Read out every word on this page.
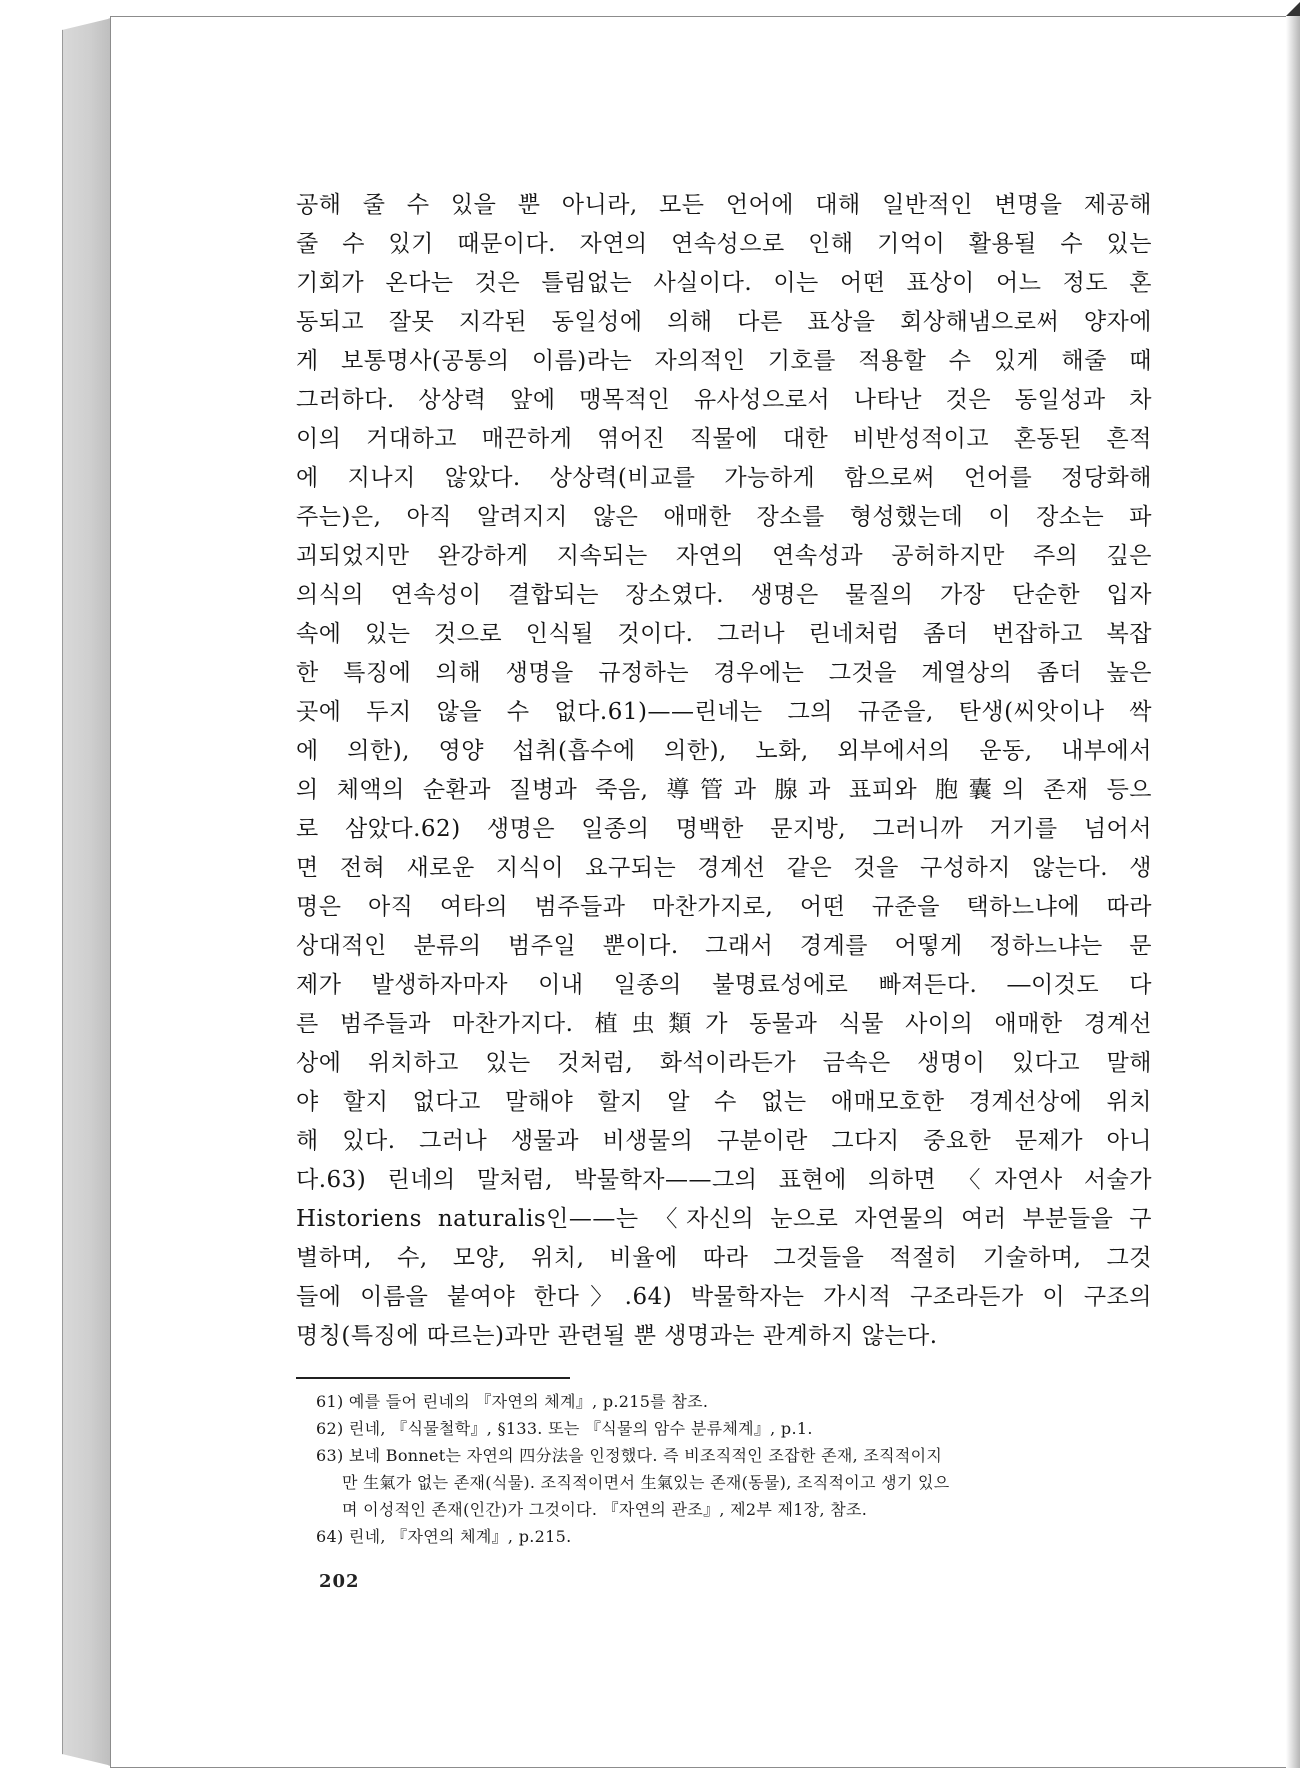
공해 줄 수 있을 뿐 아니라, 모든 언어에 대해 일반적인 변명을 제공해
줄 수 있기 때문이다. 자연의 연속성으로 인해 기억이 활용될 수 있는
기회가 온다는 것은 틀림없는 사실이다. 이는 어떤 표상이 어느 정도 혼
동되고 잘못 지각된 동일성에 의해 다른 표상을 회상해냄으로써 양자에
게 보통명사(공통의 이름)라는 자의적인 기호를 적용할 수 있게 해줄 때
그러하다. 상상력 앞에 맹목적인 유사성으로서 나타난 것은 동일성과 차
이의 거대하고 매끈하게 엮어진 직물에 대한 비반성적이고 혼동된 흔적
에 지나지 않았다. 상상력(비교를 가능하게 함으로써 언어를 정당화해
주는)은, 아직 알려지지 않은 애매한 장소를 형성했는데 이 장소는 파
괴되었지만 완강하게 지속되는 자연의 연속성과 공허하지만 주의 깊은
의식의 연속성이 결합되는 장소였다. 생명은 물질의 가장 단순한 입자
속에 있는 것으로 인식될 것이다. 그러나 린네처럼 좀더 번잡하고 복잡
한 특징에 의해 생명을 규정하는 경우에는 그것을 계열상의 좀더 높은
곳에 두지 않을 수 없다.61)——린네는 그의 규준을, 탄생(씨앗이나 싹
에 의한), 영양 섭취(흡수에 의한), 노화, 외부에서의 운동, 내부에서
의 체액의 순환과 질병과 죽음, 導管과 腺과 표피와 胞囊의 존재 등으
로 삼았다.62) 생명은 일종의 명백한 문지방, 그러니까 거기를 넘어서
면 전혀 새로운 지식이 요구되는 경계선 같은 것을 구성하지 않는다. 생
명은 아직 여타의 범주들과 마찬가지로, 어떤 규준을 택하느냐에 따라
상대적인 분류의 범주일 뿐이다. 그래서 경계를 어떻게 정하느냐는 문
제가 발생하자마자 이내 일종의 불명료성에로 빠져든다. ―이것도 다
른 범주들과 마찬가지다. 植虫類가 동물과 식물 사이의 애매한 경계선
상에 위치하고 있는 것처럼, 화석이라든가 금속은 생명이 있다고 말해
야 할지 없다고 말해야 할지 알 수 없는 애매모호한 경계선상에 위치
해 있다. 그러나 생물과 비생물의 구분이란 그다지 중요한 문제가 아니
다.63) 린네의 말처럼, 박물학자——그의 표현에 의하면 〈자연사 서술가
Historiens naturalis인——는 〈자신의 눈으로 자연물의 여러 부분들을 구
별하며, 수, 모양, 위치, 비율에 따라 그것들을 적절히 기술하며, 그것
들에 이름을 붙여야 한다〉.64) 박물학자는 가시적 구조라든가 이 구조의
명칭(특징에 따르는)과만 관련될 뿐 생명과는 관계하지 않는다.
61) 예를 들어 린네의 『자연의 체계』, p.215를 참조.
62) 린네, 『식물철학』, §133. 또는 『식물의 암수 분류체계』, p.1.
63) 보네 Bonnet는 자연의 四分法을 인정했다. 즉 비조직적인 조잡한 존재, 조직적이지
만 生氣가 없는 존재(식물). 조직적이면서 生氣있는 존재(동물), 조직적이고 생기 있으
며 이성적인 존재(인간)가 그것이다. 『자연의 관조』, 제2부 제1장, 참조.
64) 린네, 『자연의 체계』, p.215.
202
